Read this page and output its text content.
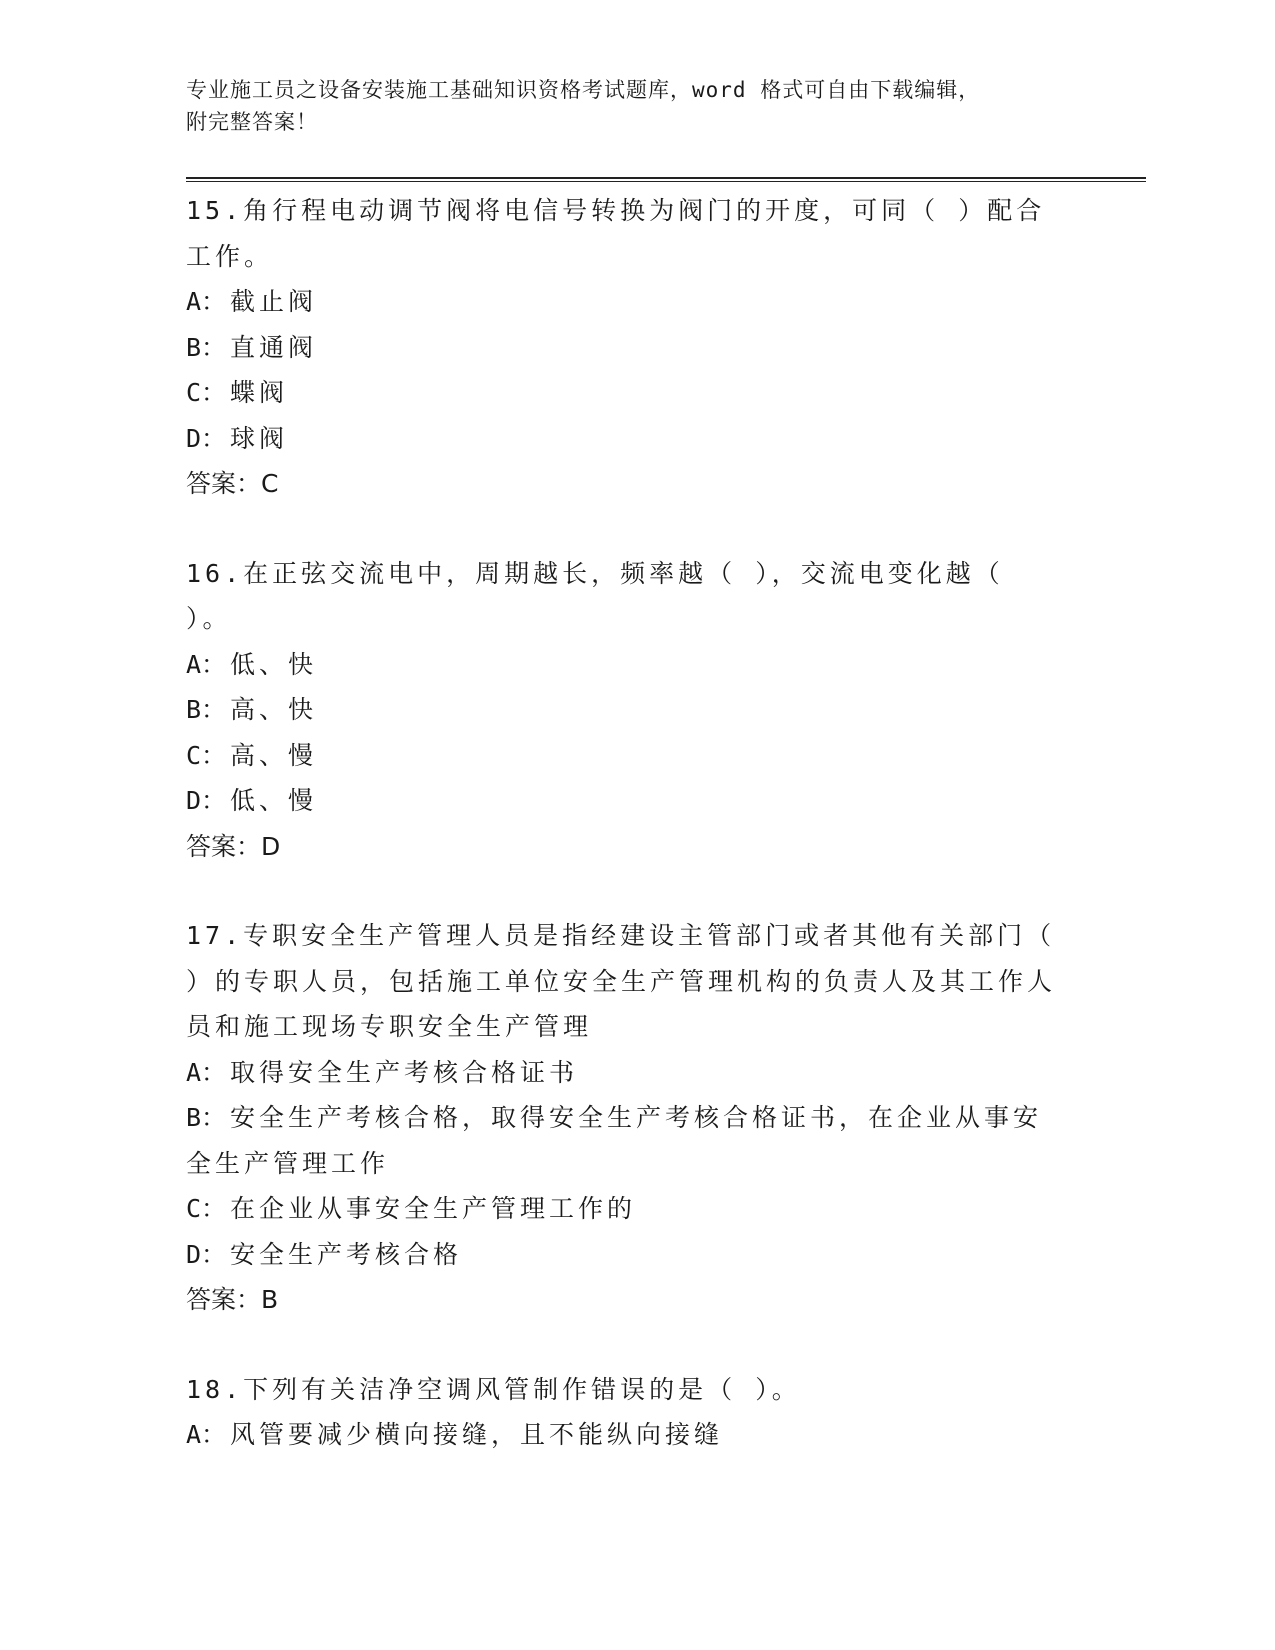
专业施工员之设备安装施工基础知识资格考试题库，word 格式可自由下载编辑，
附完整答案！
15.角行程电动调节阀将电信号转换为阀门的开度，可同（ ）配合工作。
A： 截止阀
B： 直通阀
C： 蝶阀
D： 球阀
答案：C
16.在正弦交流电中，周期越长，频率越（ ），交流电变化越（ ）。
A： 低、快
B： 高、快
C： 高、慢
D： 低、慢
答案：D
17.专职安全生产管理人员是指经建设主管部门或者其他有关部门（ ）的专职人员，包括施工单位安全生产管理机构的负责人及其工作人员和施工现场专职安全生产管理
A： 取得安全生产考核合格证书
B： 安全生产考核合格，取得安全生产考核合格证书，在企业从事安全生产管理工作
C： 在企业从事安全生产管理工作的
D： 安全生产考核合格
答案：B
18.下列有关洁净空调风管制作错误的是（ ）。
A： 风管要减少横向接缝，且不能纵向接缝
